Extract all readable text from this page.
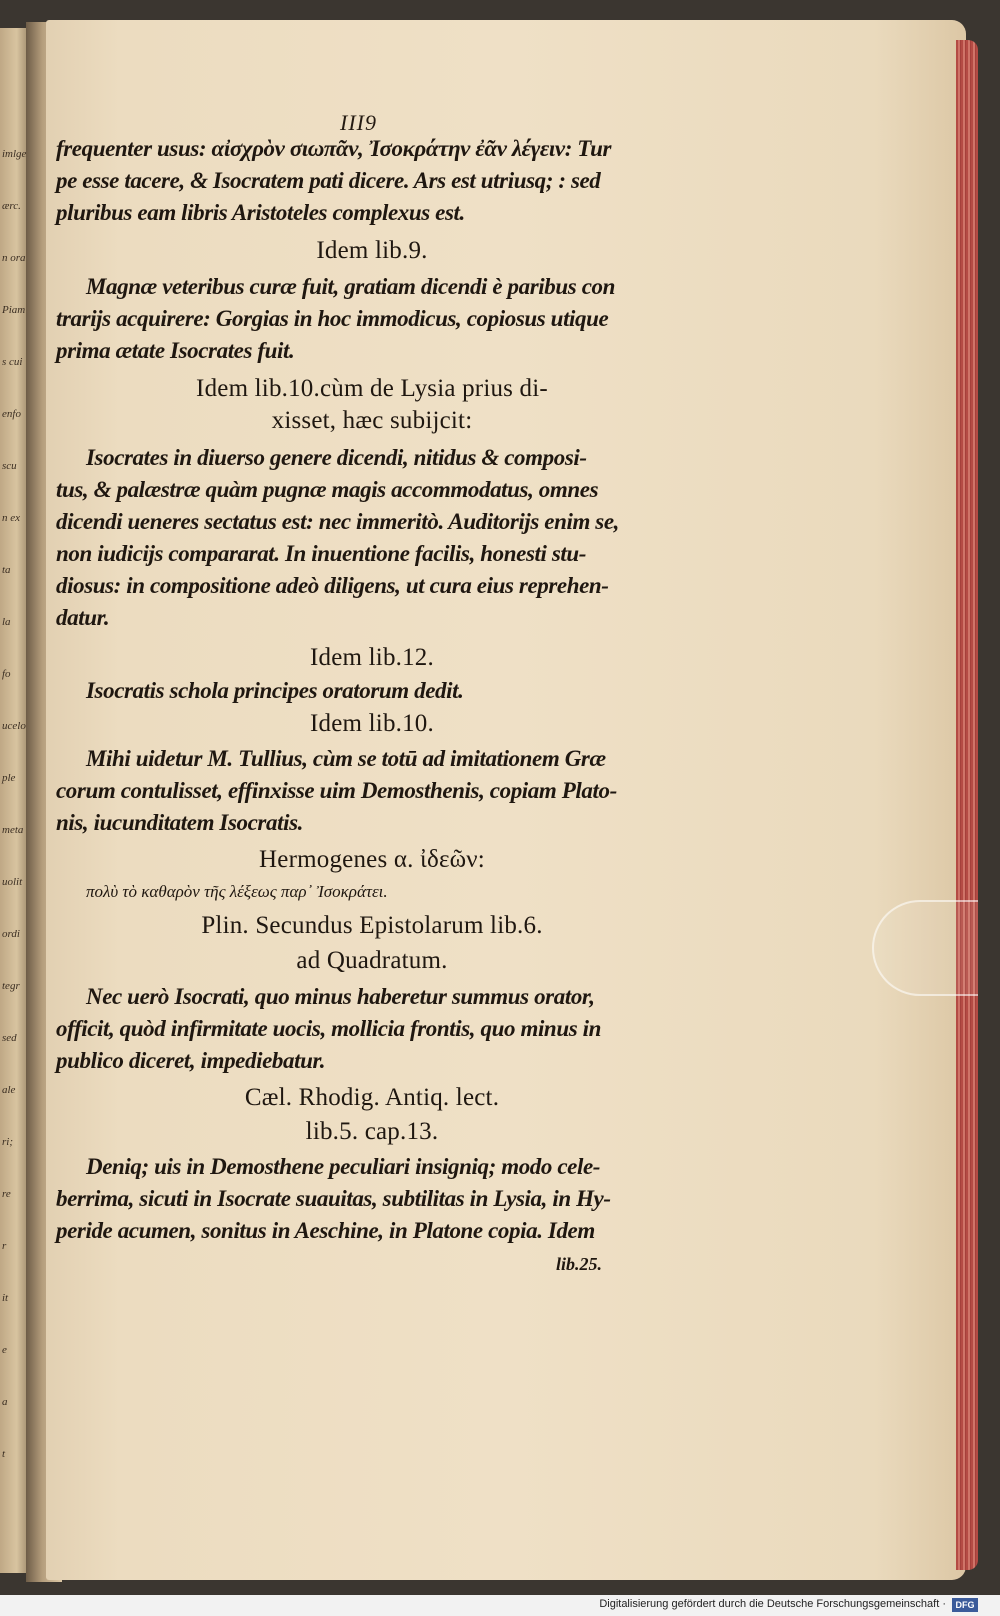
imlge
ærc.
n ora
Piam
s cui
enfo
scu
n ex
ta
la
fo
ucelo
ple
meta
uolit
ordi
tegr
sed
ale
ri;
re
r
it
e
a
t
III9
frequenter usus: αἰσχρὸν σιωπᾶν, Ἰσοκράτην ἐᾶν λέγειν: Tur
pe esse tacere, & Isocratem pati dicere. Ars est utriusq; : sed
pluribus eam libris Aristoteles complexus est.
Idem lib.9.
Magnæ veteribus curæ fuit, gratiam dicendi è paribus con
trarijs acquirere: Gorgias in hoc immodicus, copiosus utique
prima ætate Isocrates fuit.
Idem lib.10.cùm de Lysia prius di-
xisset, hæc subijcit:
Isocrates in diuerso genere dicendi, nitidus & composi-
tus, & palæstræ quàm pugnæ magis accommodatus, omnes
dicendi ueneres sectatus est: nec immeritò. Auditorijs enim se,
non iudicijs compararat. In inuentione facilis, honesti stu-
diosus: in compositione adeò diligens, ut cura eius reprehen-
datur.
Idem lib.12.
Isocratis schola principes oratorum dedit.
Idem lib.10.
Mihi uidetur M. Tullius, cùm se totū ad imitationem Græ
corum contulisset, effinxisse uim Demosthenis, copiam Plato-
nis, iucunditatem Isocratis.
Hermogenes α. ἰδεῶν:
πολὺ τὸ καθαρὸν τῆς λέξεως παρ᾽ Ἰσοκράτει.
Plin. Secundus Epistolarum lib.6.
ad Quadratum.
Nec uerò Isocrati, quo minus haberetur summus orator,
officit, quòd infirmitate uocis, mollicia frontis, quo minus in
publico diceret, impediebatur.
Cæl. Rhodig. Antiq. lect.
lib.5. cap.13.
Deniq; uis in Demosthene peculiari insigniq; modo cele-
berrima, sicuti in Isocrate suauitas, subtilitas in Lysia, in Hy-
peride acumen, sonitus in Aeschine, in Platone copia. Idem
lib.25.
Digitalisierung gefördert durch die Deutsche Forschungsgemeinschaft ·	DFG
